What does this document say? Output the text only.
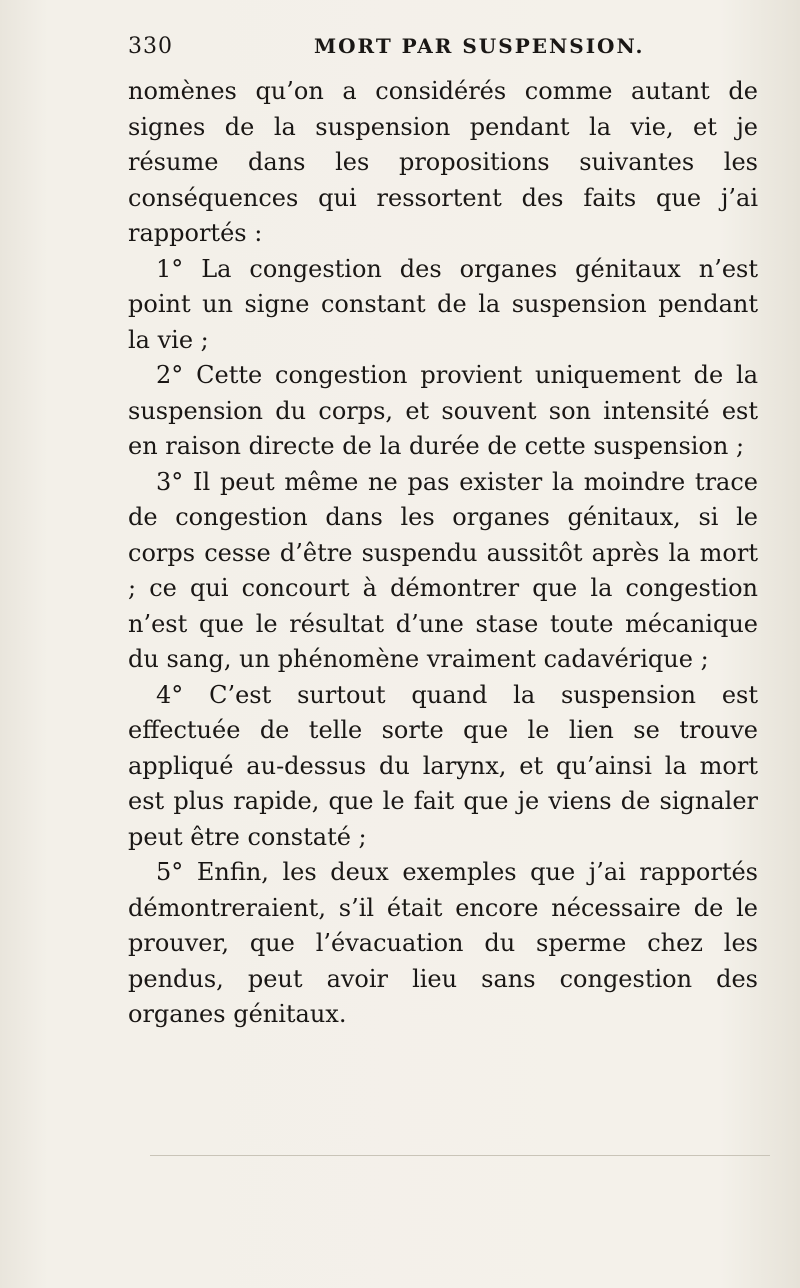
330	MORT PAR SUSPENSION.

nomènes qu’on a considérés comme autant de signes de la suspension pendant la vie, et je résume dans les propositions suivantes les conséquences qui ressortent des faits que j’ai rapportés :

1° La congestion des organes génitaux n’est point un signe constant de la suspension pendant la vie ;

2° Cette congestion provient uniquement de la suspension du corps, et souvent son intensité est en raison directe de la durée de cette suspension ;

3° Il peut même ne pas exister la moindre trace de congestion dans les organes génitaux, si le corps cesse d’être suspendu aussitôt après la mort ; ce qui concourt à démontrer que la congestion n’est que le résultat d’une stase toute mécanique du sang, un phénomène vraiment cadavérique ;

4° C’est surtout quand la suspension est effectuée de telle sorte que le lien se trouve appliqué au-dessus du larynx, et qu’ainsi la mort est plus rapide, que le fait que je viens de signaler peut être constaté ;

5° Enfin, les deux exemples que j’ai rapportés démontreraient, s’il était encore nécessaire de le prouver, que l’évacuation du sperme chez les pendus, peut avoir lieu sans congestion des organes génitaux.
